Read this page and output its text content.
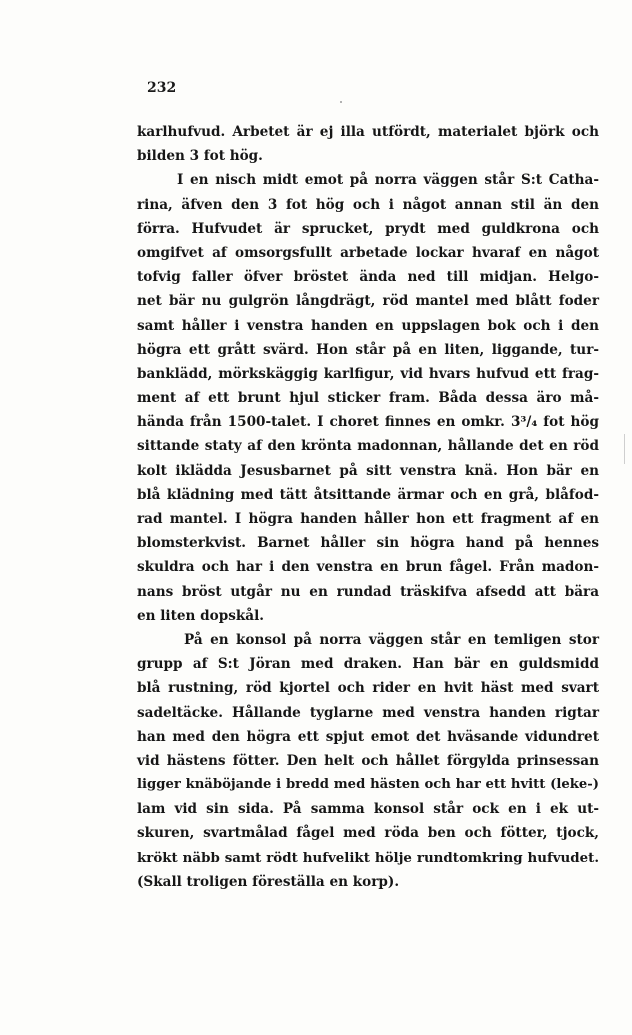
232
karlhufvud. Arbetet är ej illa utfördt, materialet björk och
bilden 3 fot hög.
I en nisch midt emot på norra väggen står S:t Catha-
rina, äfven den 3 fot hög och i något annan stil än den
förra. Hufvudet är sprucket, prydt med guldkrona och
omgifvet af omsorgsfullt arbetade lockar hvaraf en något
tofvig faller öfver bröstet ända ned till midjan. Helgo-
net bär nu gulgrön långdrägt, röd mantel med blått foder
samt håller i venstra handen en uppslagen bok och i den
högra ett grått svärd. Hon står på en liten, liggande, tur-
banklädd, mörkskäggig karlfigur, vid hvars hufvud ett frag-
ment af ett brunt hjul sticker fram. Båda dessa äro må-
hända från 1500-talet. I choret finnes en omkr. 3³/₄ fot hög
sittande staty af den krönta madonnan, hållande det en röd
kolt iklädda Jesusbarnet på sitt venstra knä. Hon bär en
blå klädning med tätt åtsittande ärmar och en grå, blåfod-
rad mantel. I högra handen håller hon ett fragment af en
blomsterkvist. Barnet håller sin högra hand på hennes
skuldra och har i den venstra en brun fågel. Från madon-
nans bröst utgår nu en rundad träskifva afsedd att bära
en liten dopskål.
På en konsol på norra väggen står en temligen stor
grupp af S:t Jöran med draken. Han bär en guldsmidd
blå rustning, röd kjortel och rider en hvit häst med svart
sadeltäcke. Hållande tyglarne med venstra handen rigtar
han med den högra ett spjut emot det hväsande vidundret
vid hästens fötter. Den helt och hållet förgylda prinsessan
ligger knäböjande i bredd med hästen och har ett hvitt (leke-)
lam vid sin sida. På samma konsol står ock en i ek ut-
skuren, svartmålad fågel med röda ben och fötter, tjock,
krökt näbb samt rödt hufvelikt hölje rundtomkring hufvudet.
(Skall troligen föreställa en korp).
